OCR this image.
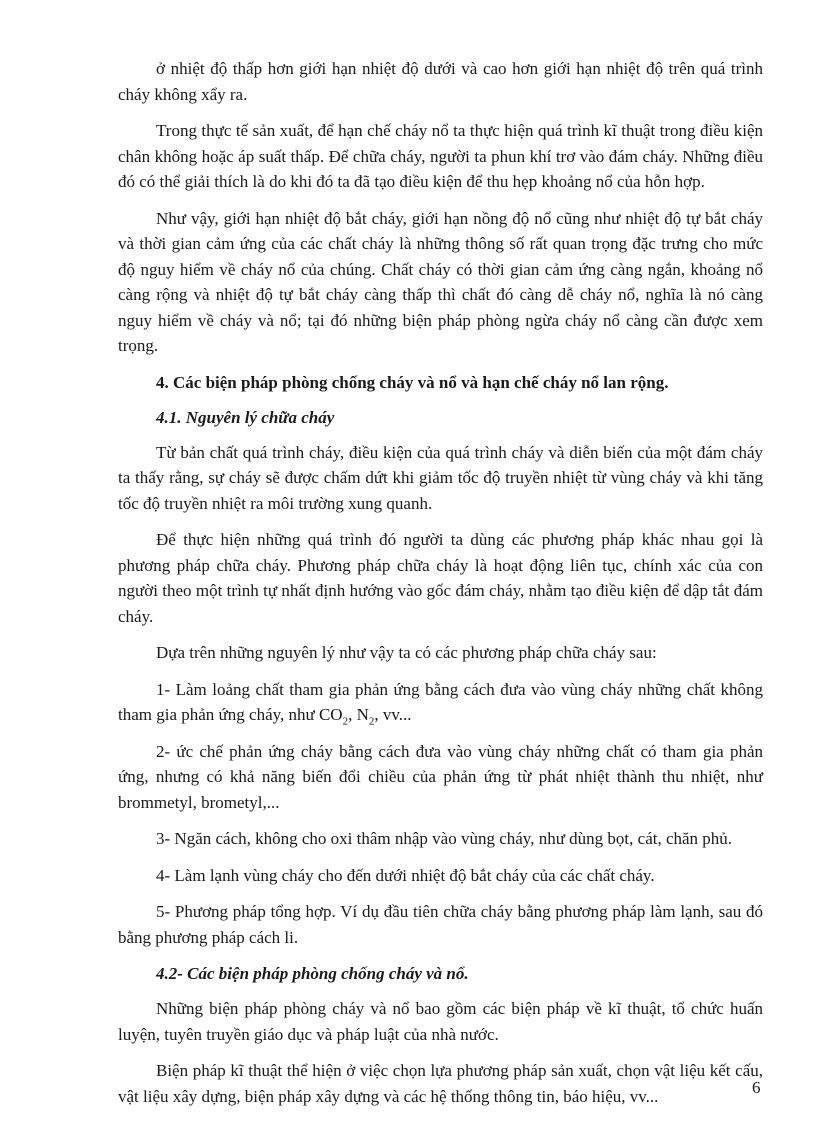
ở nhiệt độ thấp hơn giới hạn nhiệt độ dưới và cao hơn giới hạn nhiệt độ trên quá trình cháy không xẩy ra.

Trong thực tế sản xuất, để hạn chế cháy nổ ta thực hiện quá trình kĩ thuật trong điều kiện chân không hoặc áp suất thấp. Để chữa cháy, người ta phun khí trơ vào đám cháy. Những điều đó có thể giải thích là do khi đó ta đã tạo điều kiện để thu hẹp khoảng nổ của hỗn hợp.

Như vậy, giới hạn nhiệt độ bắt cháy, giới hạn nồng độ nổ cũng như nhiệt độ tự bắt cháy và thời gian cảm ứng của các chất cháy là những thông số rất quan trọng đặc trưng cho mức độ nguy hiểm về cháy nổ của chúng. Chất cháy có thời gian cảm ứng càng ngắn, khoảng nổ càng rộng và nhiệt độ tự bắt cháy càng thấp thì chất đó càng dễ cháy nổ, nghĩa là nó càng nguy hiểm về cháy và nổ; tại đó những biện pháp phòng ngừa cháy nổ càng cần được xem trọng.

4. Các biện pháp phòng chống cháy và nổ và hạn chế cháy nổ lan rộng.
4.1. Nguyên lý chữa cháy

Từ bản chất quá trình cháy, điều kiện của quá trình cháy và diễn biến của một đám cháy ta thấy rằng, sự cháy sẽ được chấm dứt khi giảm tốc độ truyền nhiệt từ vùng cháy và khi tăng tốc độ truyền nhiệt ra môi trường xung quanh.

Để thực hiện những quá trình đó người ta dùng các phương pháp khác nhau gọi là phương pháp chữa cháy. Phương pháp chữa cháy là hoạt động liên tục, chính xác của con người theo một trình tự nhất định hướng vào gốc đám cháy, nhằm tạo điều kiện để dập tắt đám cháy.

Dựa trên những nguyên lý như vậy ta có các phương pháp chữa cháy sau:

1- Làm loảng chất tham gia phản ứng bằng cách đưa vào vùng cháy những chất không tham gia phản ứng cháy, như $CO_2$, $N_2$, vv...

2- ức chế phản ứng cháy bằng cách đưa vào vùng cháy những chất có tham gia phản ứng, nhưng có khả năng biến đổi chiều của phản ứng từ phát nhiệt thành thu nhiệt, như brommetyl, brometyl,...

3- Ngăn cách, không cho oxi thâm nhập vào vùng cháy, như dùng bọt, cát, chăn phủ.

4- Làm lạnh vùng cháy cho đến dưới nhiệt độ bắt cháy của các chất cháy.

5- Phương pháp tổng hợp. Ví dụ đầu tiên chữa cháy bằng phương pháp làm lạnh, sau đó bằng phương pháp cách li.

4.2- Các biện pháp phòng chống cháy và nổ.

Những biện pháp phòng cháy và nổ bao gồm các biện pháp về kĩ thuật, tổ chức huấn luyện, tuyên truyền giáo dục và pháp luật của nhà nước.

Biện pháp kĩ thuật thể hiện ở việc chọn lựa phương pháp sản xuất, chọn vật liệu kết cấu, vật liệu xây dựng, biện pháp xây dựng và các hệ thống thông tin, báo hiệu, vv...	6
